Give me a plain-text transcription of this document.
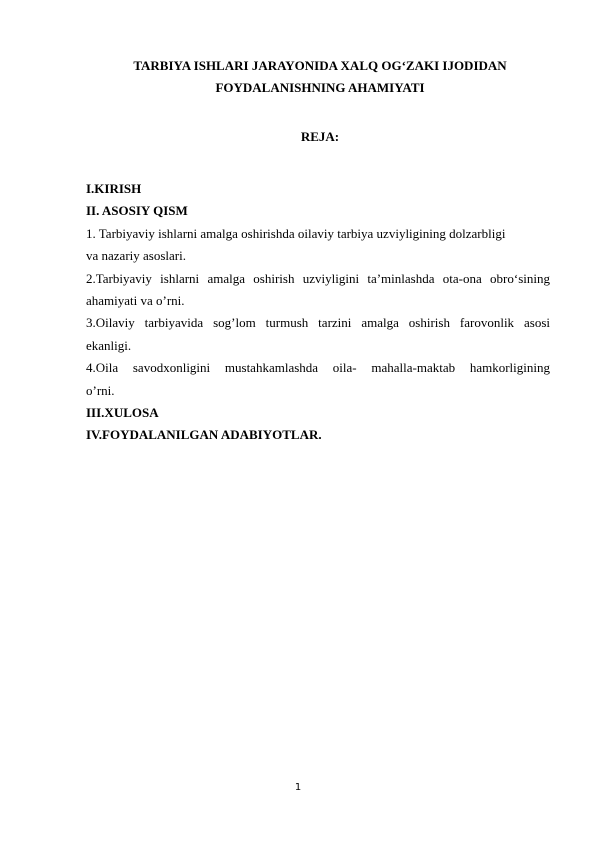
TARBIYA ISHLARI JARAYONIDA XALQ OG‘ZAKI IJODIDAN
FOYDALANISHNING AHAMIYATI
REJA:
I.KIRISH
II. ASOSIY QISM
1. Tarbiyaviy ishlarni amalga oshirishda oilaviy tarbiya uzviyligining dolzarbligi
va nazariy asoslari.
2.Tarbiyaviy ishlarni amalga oshirish uzviyligini ta’minlashda ota-ona obro‘sining
ahamiyati va o’rni.
3.Oilaviy tarbiyavida sog’lom turmush tarzini amalga oshirish farovonlik asosi
ekanligi.
4.Oila savodxonligini mustahkamlashda oila- mahalla-maktab hamkorligining
o’rni.
III.XULOSA
IV.FOYDALANILGAN ADABIYOTLAR.
1
